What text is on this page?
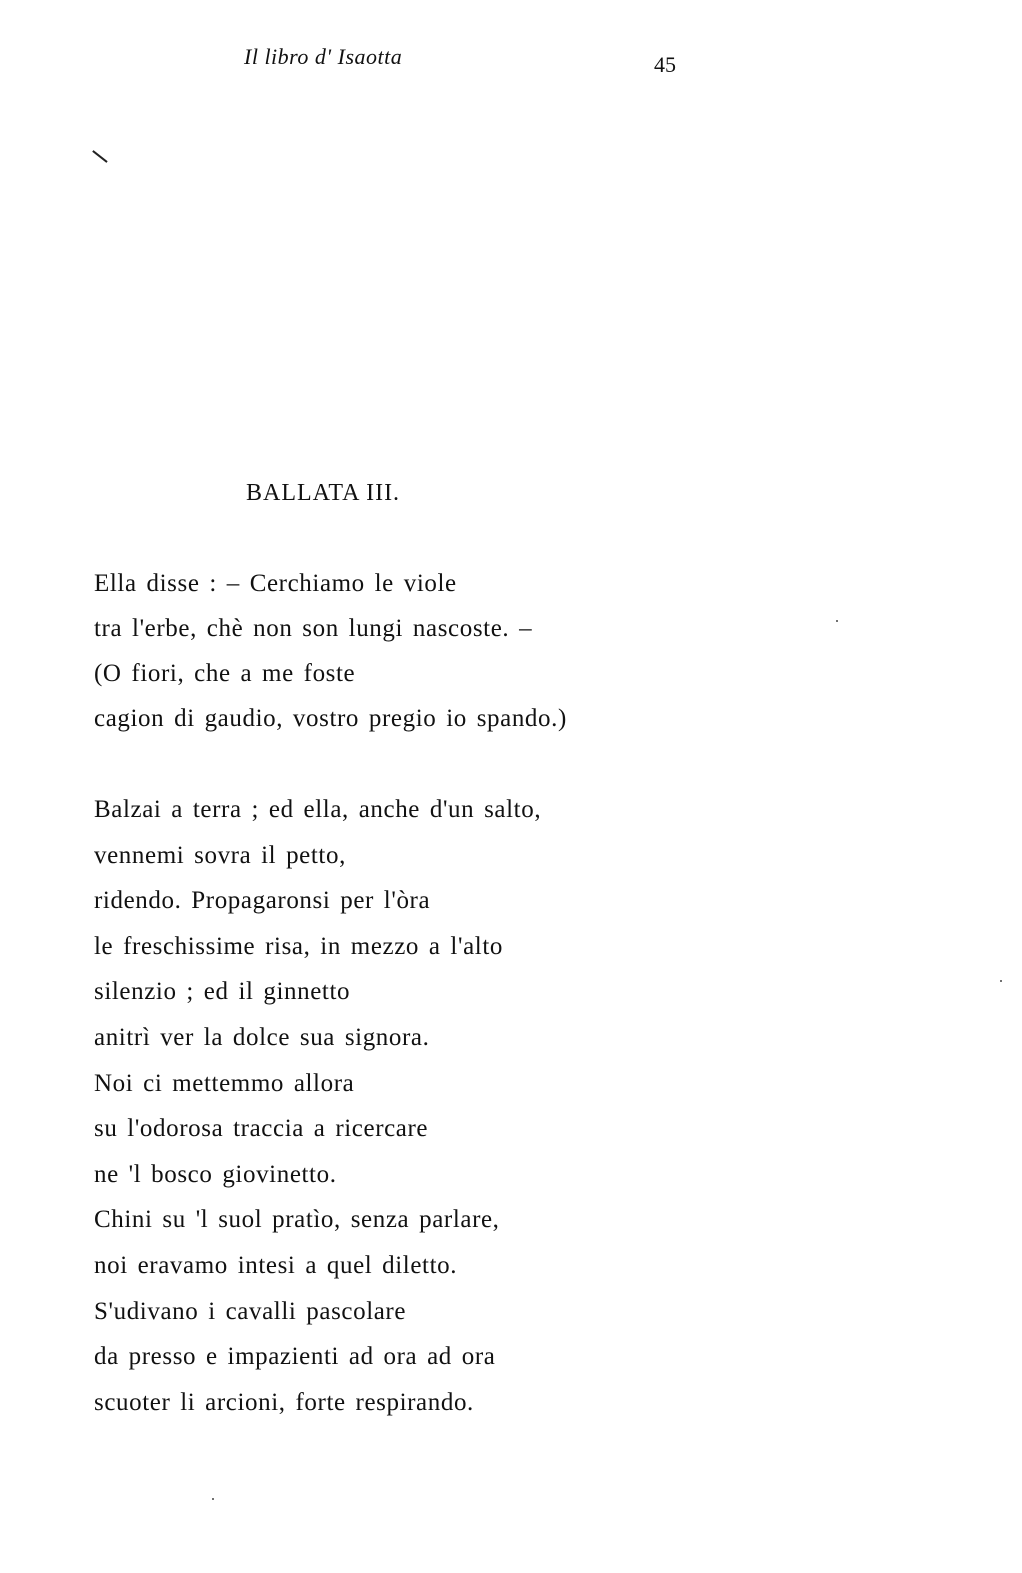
Il libro d' Isaotta	45
BALLATA III.
Ella disse : – Cerchiamo le viole
tra l'erbe, chè non son lungi nascoste. –
(O fiori, che a me foste
cagion di gaudio, vostro pregio io spando.)
Balzai a terra ; ed ella, anche d'un salto,
vennemi sovra il petto,
ridendo. Propagaronsi per l'òra
le freschissime risa, in mezzo a l'alto
silenzio ; ed il ginnetto
anitrì ver la dolce sua signora.
Noi ci mettemmo allora
su l'odorosa traccia a ricercare
ne 'l bosco giovinetto.
Chini su 'l suol pratìo, senza parlare,
noi eravamo intesi a quel diletto.
S'udivano i cavalli pascolare
da presso e impazienti ad ora ad ora
scuoter li arcioni, forte respirando.
